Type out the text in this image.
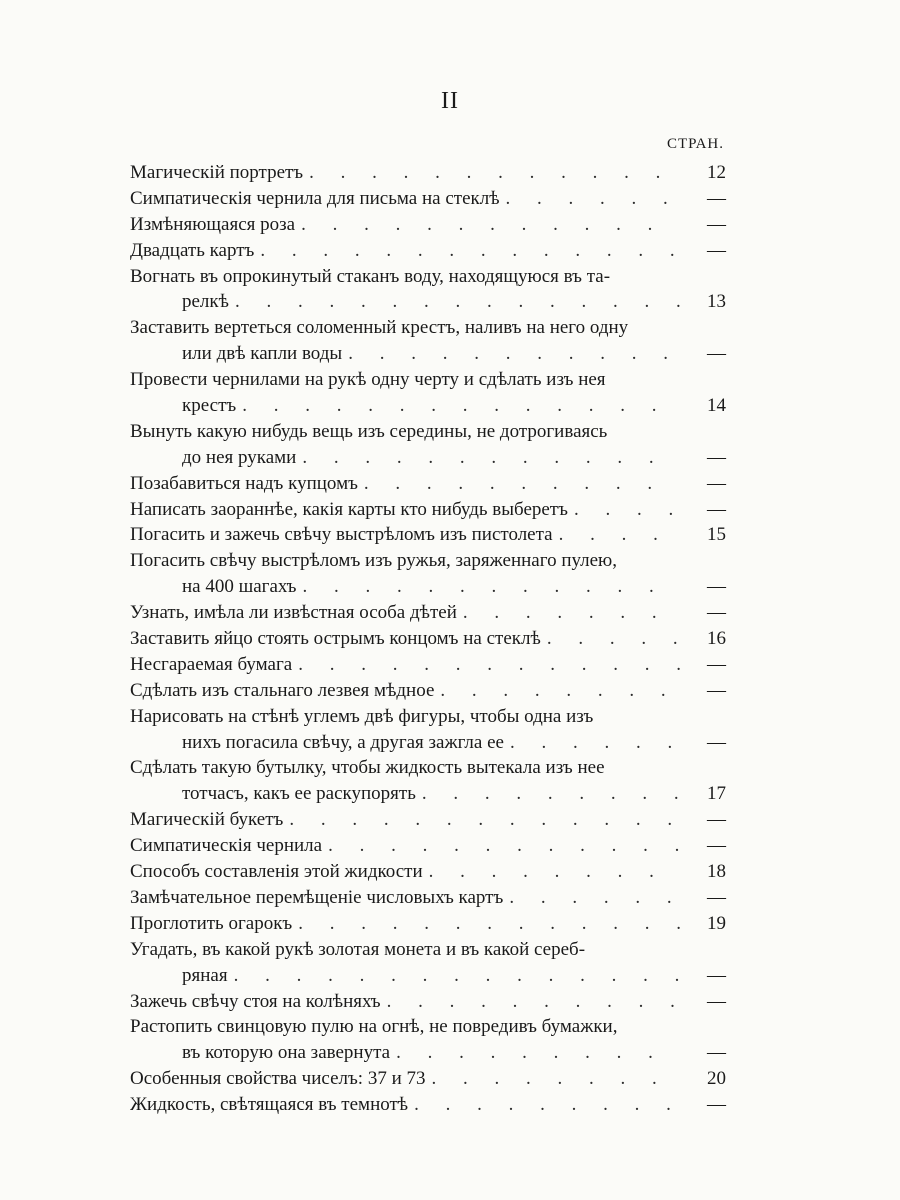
II
СТРАН.
Магическій портретъ . . .	12
Симпатическія чернила для письма на стеклѣ . . .	—
Измѣняющаяся роза . . .	—
Двадцать картъ . . .	—
Вогнать въ опрокинутый стаканъ воду, находящуюся въ та-
релкѣ . . .	13
Заставить вертеться соломенный крестъ, наливъ на него одну
или двѣ капли воды . . .	—
Провести чернилами на рукѣ одну черту и сдѣлать изъ нея
крестъ . . .	14
Вынуть какую нибудь вещь изъ середины, не дотрогиваясь
до нея руками . . .	—
Позабавиться надъ купцомъ . . .	—
Написать заораннѣе, какія карты кто нибудь выберетъ . . .	—
Погасить и зажечь свѣчу выстрѣломъ изъ пистолета . . .	15
Погасить свѣчу выстрѣломъ изъ ружья, заряженнаго пулею,
на 400 шагахъ . . .	—
Узнать, имѣла ли извѣстная особа дѣтей . . .	—
Заставить яйцо стоять острымъ концомъ на стеклѣ . . .	16
Несгараемая бумага . . .	—
Сдѣлать изъ стальнаго лезвея мѣдное . . .	—
Нарисовать на стѣнѣ углемъ двѣ фигуры, чтобы одна изъ
нихъ погасила свѣчу, а другая зажгла ее . . .	—
Сдѣлать такую бутылку, чтобы жидкость вытекала изъ нее
тотчасъ, какъ ее раскупорять . . .	17
Магическій букетъ . . .	—
Симпатическія чернила . . .	—
Способъ составленія этой жидкости . . .	18
Замѣчательное перемѣщеніе числовыхъ картъ . . .	—
Проглотить огарокъ . . .	19
Угадать, въ какой рукѣ золотая монета и въ какой сереб-
ряная . . .	—
Зажечь свѣчу стоя на колѣняхъ . . .	—
Растопить свинцовую пулю на огнѣ, не повредивъ бумажки,
въ которую она завернута . . .	—
Особенныя свойства чиселъ: 37 и 73 . . .	20
Жидкость, свѣтящаяся въ темнотѣ . . .	—
